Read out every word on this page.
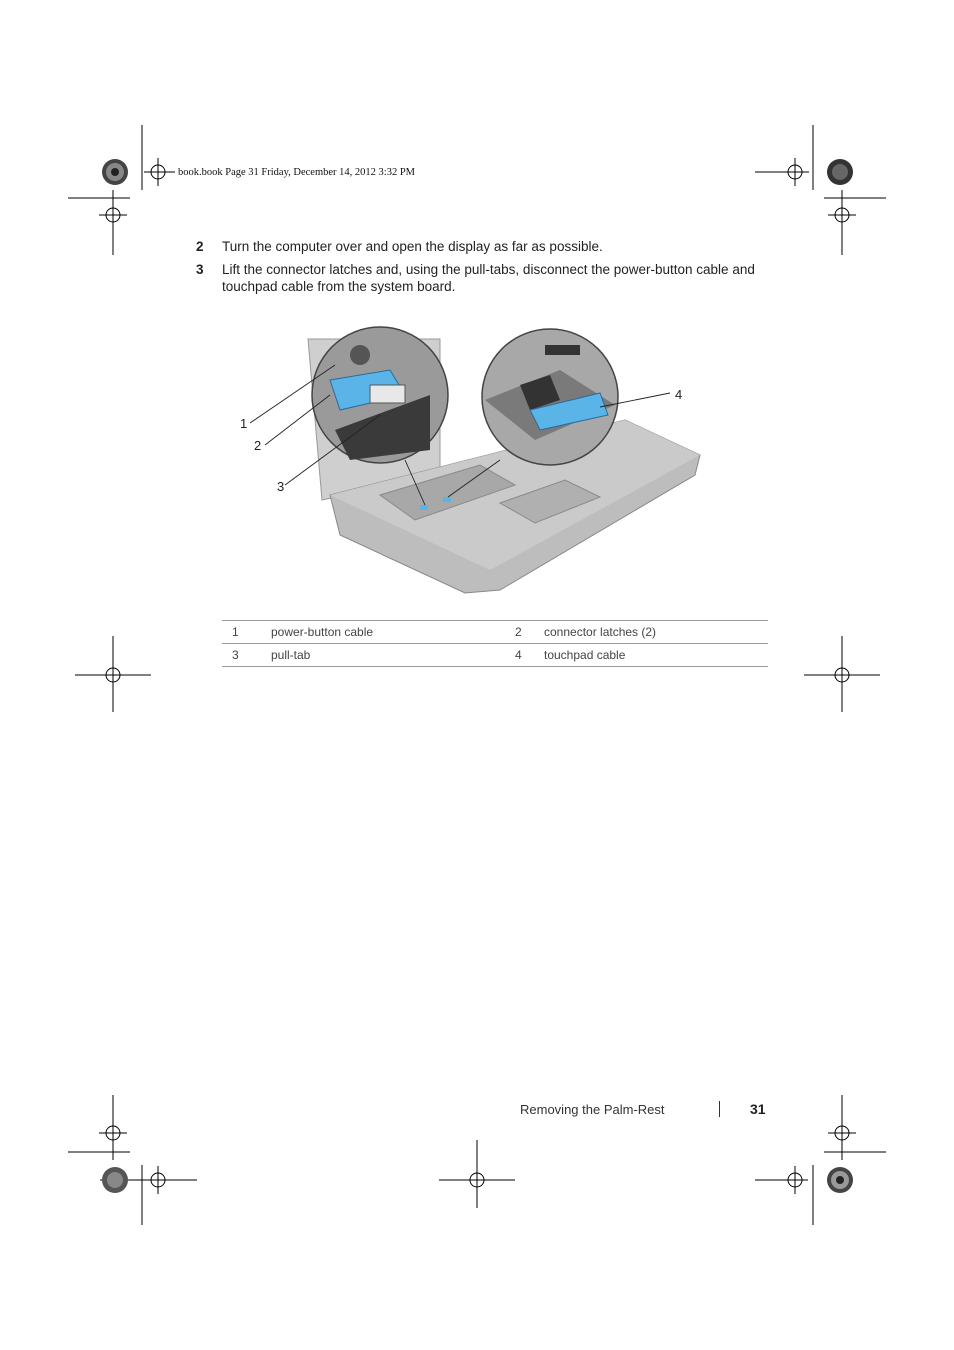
book.book Page 31 Friday, December 14, 2012 3:32 PM
2 Turn the computer over and open the display as far as possible.
3 Lift the connector latches and, using the pull-tabs, disconnect the power-button cable and touchpad cable from the system board.
1
2
3
4
1	power-button cable	2	connector latches (2)
3	pull-tab	4	touchpad cable
Removing the Palm-Rest	31
